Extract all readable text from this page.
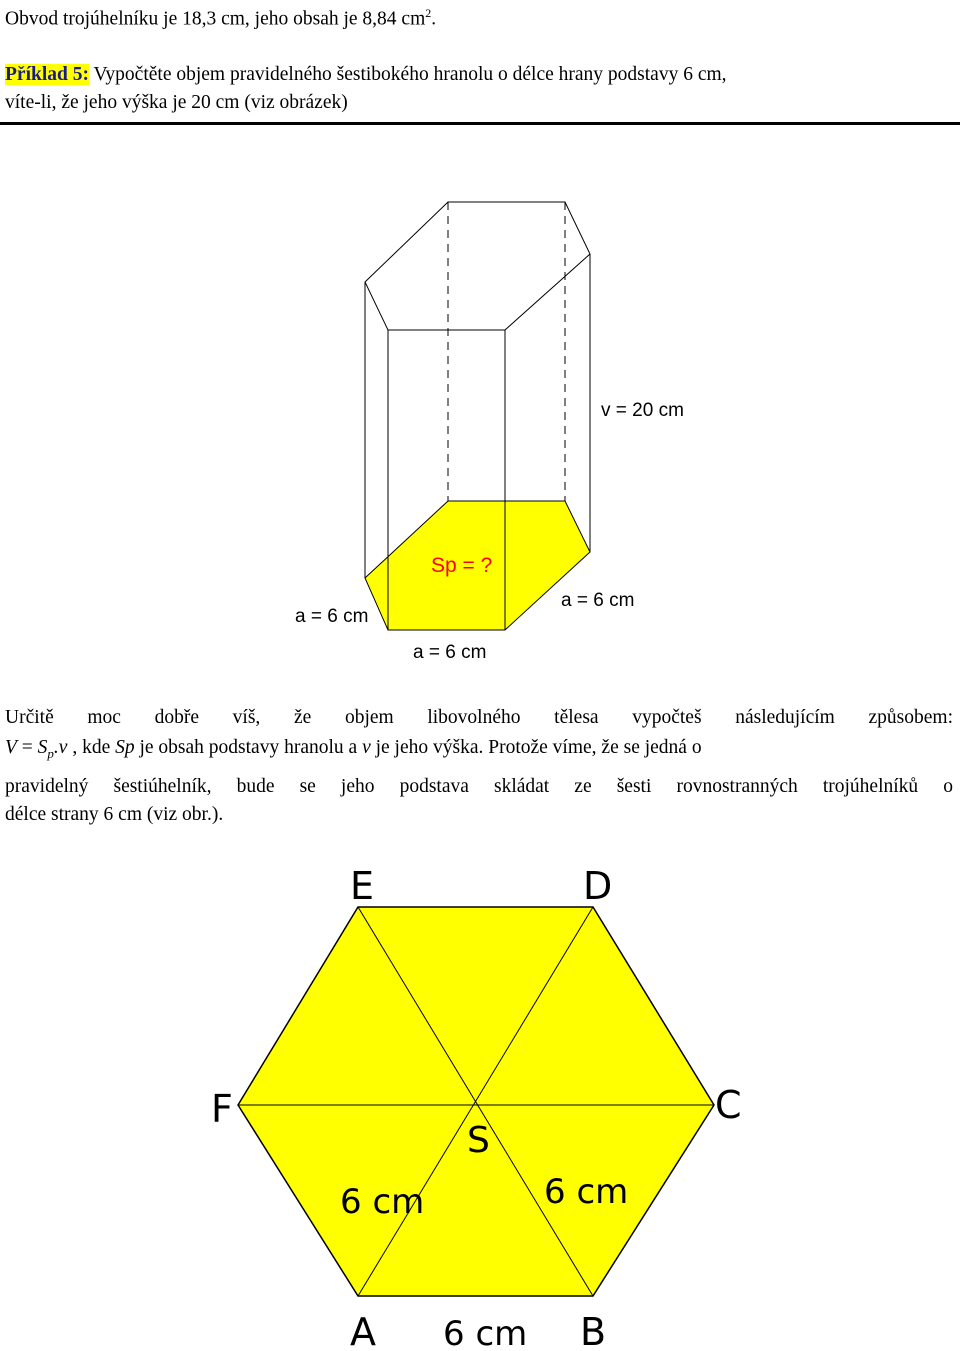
Obvod trojúhelníku je 18,3 cm, jeho obsah je 8,84 $cm^2$.
Příklad 5: Vypočtěte objem pravidelného šestibokého hranolu o délce hrany podstavy 6 cm,
víte-li, že jeho výška je 20 cm (viz obrázek)
v = 20 cm
Sp = ?
a = 6 cm
a = 6 cm
a = 6 cm
Určitě moc dobře víš, že objem libovolného tělesa vypočteš následujícím způsobem:
$V = S_p.v$ , kde Sp je obsah podstavy hranolu a v je jeho výška. Protože víme, že se jedná o
pravidelný šestiúhelník, bude se jeho podstava skládat ze šesti rovnostranných trojúhelníků o
délce strany 6 cm (viz obr.).
E	D
F	C
S
6 cm	6 cm
A 6 cm B
